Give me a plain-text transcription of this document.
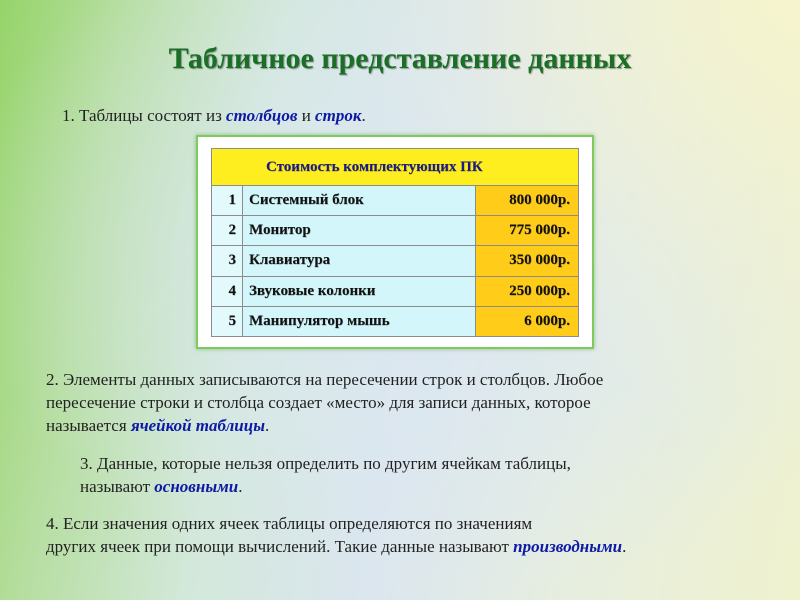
Табличное представление данных

1. Таблицы состоят из столбцов и строк.

Стоимость комплектующих ПК		
1	Системный блок	800 000р.
2	Монитор	775 000р.
3	Клавиатура	350 000р.
4	Звуковые колонки	250 000р.
5	Манипулятор мышь	6 000р.

2. Элементы данных записываются на пересечении строк и столбцов. Любое
пересечение строки и столбца создает «место» для записи данных, которое
называется ячейкой таблицы.

3. Данные, которые нельзя определить по другим ячейкам таблицы,
называют основными.

4. Если значения одних ячеек таблицы определяются по значениям
других ячеек при помощи вычислений. Такие данные называют производными.
